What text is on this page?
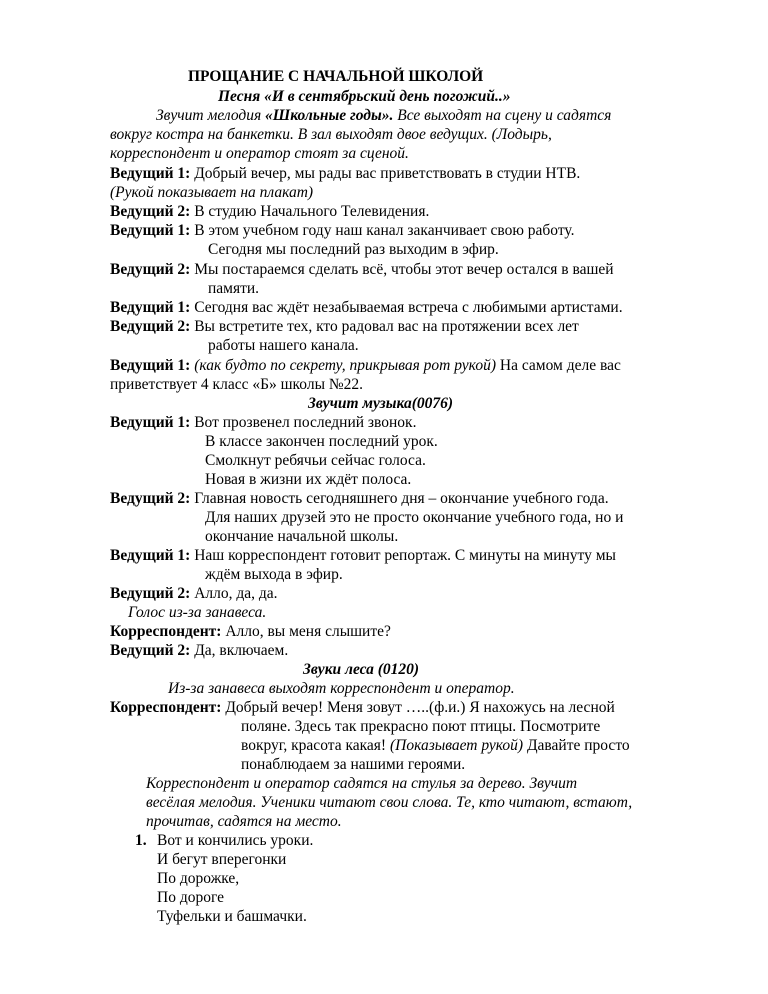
ПРОЩАНИЕ С НАЧАЛЬНОЙ ШКОЛОЙ
Песня «И в сентябрьский день погожий..»
Звучит мелодия «Школьные годы». Все выходят на сцену и садятся
вокруг костра на банкетки. В зал выходят двое ведущих. (Лодырь,
корреспондент и оператор стоят за сценой.
Ведущий 1: Добрый вечер, мы рады вас приветствовать в студии НТВ.
(Рукой показывает на плакат)
Ведущий 2: В студию Начального Телевидения.
Ведущий 1: В этом учебном году наш канал заканчивает свою работу.
Сегодня мы последний раз выходим в эфир.
Ведущий 2: Мы постараемся сделать всё, чтобы этот вечер остался в вашей
памяти.
Ведущий 1: Сегодня вас ждёт незабываемая встреча с любимыми артистами.
Ведущий 2: Вы встретите тех, кто радовал вас на протяжении всех лет
работы нашего канала.
Ведущий 1: (как будто по секрету, прикрывая рот рукой) На самом деле вас
приветствует 4 класс «Б» школы №22.
Звучит музыка(0076)
Ведущий 1: Вот прозвенел последний звонок.
В классе закончен последний урок.
Смолкнут ребячьи сейчас голоса.
Новая в жизни их ждёт полоса.
Ведущий 2: Главная новость сегодняшнего дня – окончание учебного года.
Для наших друзей это не просто окончание учебного года, но и
окончание начальной школы.
Ведущий 1: Наш корреспондент готовит репортаж. С минуты на минуту мы
ждём выхода в эфир.
Ведущий 2: Алло, да, да.
Голос из-за занавеса.
Корреспондент: Алло, вы меня слышите?
Ведущий 2: Да, включаем.
Звуки леса (0120)
Из-за занавеса выходят корреспондент и оператор.
Корреспондент: Добрый вечер! Меня зовут …..(ф.и.) Я нахожусь на лесной
поляне. Здесь так прекрасно поют птицы. Посмотрите
вокруг, красота какая! (Показывает рукой) Давайте просто
понаблюдаем за нашими героями.
Корреспондент и оператор садятся на стулья за дерево. Звучит
весёлая мелодия. Ученики читают свои слова. Те, кто читают, встают,
прочитав, садятся на место.
1. Вот и кончились уроки.
И бегут вперегонки
По дорожке,
По дороге
Туфельки и башмачки.
